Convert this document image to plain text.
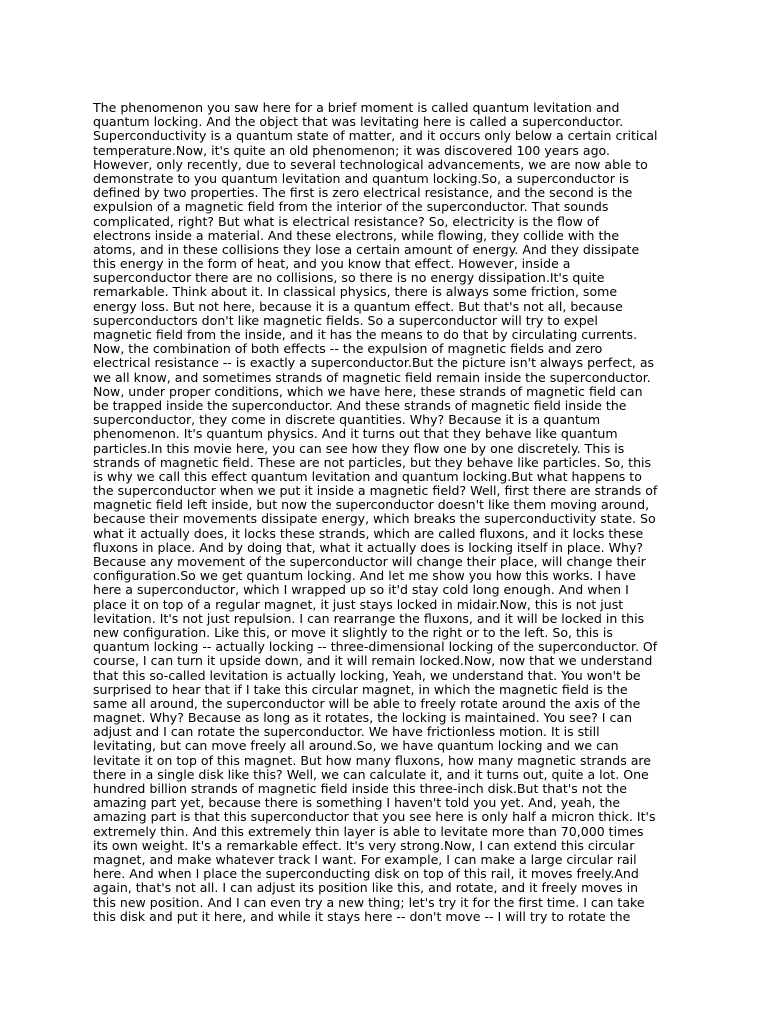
The phenomenon you saw here for a brief moment is called quantum levitation and
quantum locking. And the object that was levitating here is called a superconductor.
Superconductivity is a quantum state of matter, and it occurs only below a certain critical
temperature.Now, it's quite an old phenomenon; it was discovered 100 years ago.
However, only recently, due to several technological advancements, we are now able to
demonstrate to you quantum levitation and quantum locking.So, a superconductor is
defined by two properties. The first is zero electrical resistance, and the second is the
expulsion of a magnetic field from the interior of the superconductor. That sounds
complicated, right? But what is electrical resistance? So, electricity is the flow of
electrons inside a material. And these electrons, while flowing, they collide with the
atoms, and in these collisions they lose a certain amount of energy. And they dissipate
this energy in the form of heat, and you know that effect. However, inside a
superconductor there are no collisions, so there is no energy dissipation.It's quite
remarkable. Think about it. In classical physics, there is always some friction, some
energy loss. But not here, because it is a quantum effect. But that's not all, because
superconductors don't like magnetic fields. So a superconductor will try to expel
magnetic field from the inside, and it has the means to do that by circulating currents.
Now, the combination of both effects -- the expulsion of magnetic fields and zero
electrical resistance -- is exactly a superconductor.But the picture isn't always perfect, as
we all know, and sometimes strands of magnetic field remain inside the superconductor.
Now, under proper conditions, which we have here, these strands of magnetic field can
be trapped inside the superconductor. And these strands of magnetic field inside the
superconductor, they come in discrete quantities. Why? Because it is a quantum
phenomenon. It's quantum physics. And it turns out that they behave like quantum
particles.In this movie here, you can see how they flow one by one discretely. This is
strands of magnetic field. These are not particles, but they behave like particles. So, this
is why we call this effect quantum levitation and quantum locking.But what happens to
the superconductor when we put it inside a magnetic field? Well, first there are strands of
magnetic field left inside, but now the superconductor doesn't like them moving around,
because their movements dissipate energy, which breaks the superconductivity state. So
what it actually does, it locks these strands, which are called fluxons, and it locks these
fluxons in place. And by doing that, what it actually does is locking itself in place. Why?
Because any movement of the superconductor will change their place, will change their
configuration.So we get quantum locking. And let me show you how this works. I have
here a superconductor, which I wrapped up so it'd stay cold long enough. And when I
place it on top of a regular magnet, it just stays locked in midair.Now, this is not just
levitation. It's not just repulsion. I can rearrange the fluxons, and it will be locked in this
new configuration. Like this, or move it slightly to the right or to the left. So, this is
quantum locking -- actually locking -- three-dimensional locking of the superconductor. Of
course, I can turn it upside down, and it will remain locked.Now, now that we understand
that this so-called levitation is actually locking, Yeah, we understand that. You won't be
surprised to hear that if I take this circular magnet, in which the magnetic field is the
same all around, the superconductor will be able to freely rotate around the axis of the
magnet. Why? Because as long as it rotates, the locking is maintained. You see? I can
adjust and I can rotate the superconductor. We have frictionless motion. It is still
levitating, but can move freely all around.So, we have quantum locking and we can
levitate it on top of this magnet. But how many fluxons, how many magnetic strands are
there in a single disk like this? Well, we can calculate it, and it turns out, quite a lot. One
hundred billion strands of magnetic field inside this three-inch disk.But that's not the
amazing part yet, because there is something I haven't told you yet. And, yeah, the
amazing part is that this superconductor that you see here is only half a micron thick. It's
extremely thin. And this extremely thin layer is able to levitate more than 70,000 times
its own weight. It's a remarkable effect. It's very strong.Now, I can extend this circular
magnet, and make whatever track I want. For example, I can make a large circular rail
here. And when I place the superconducting disk on top of this rail, it moves freely.And
again, that's not all. I can adjust its position like this, and rotate, and it freely moves in
this new position. And I can even try a new thing; let's try it for the first time. I can take
this disk and put it here, and while it stays here -- don't move -- I will try to rotate the
